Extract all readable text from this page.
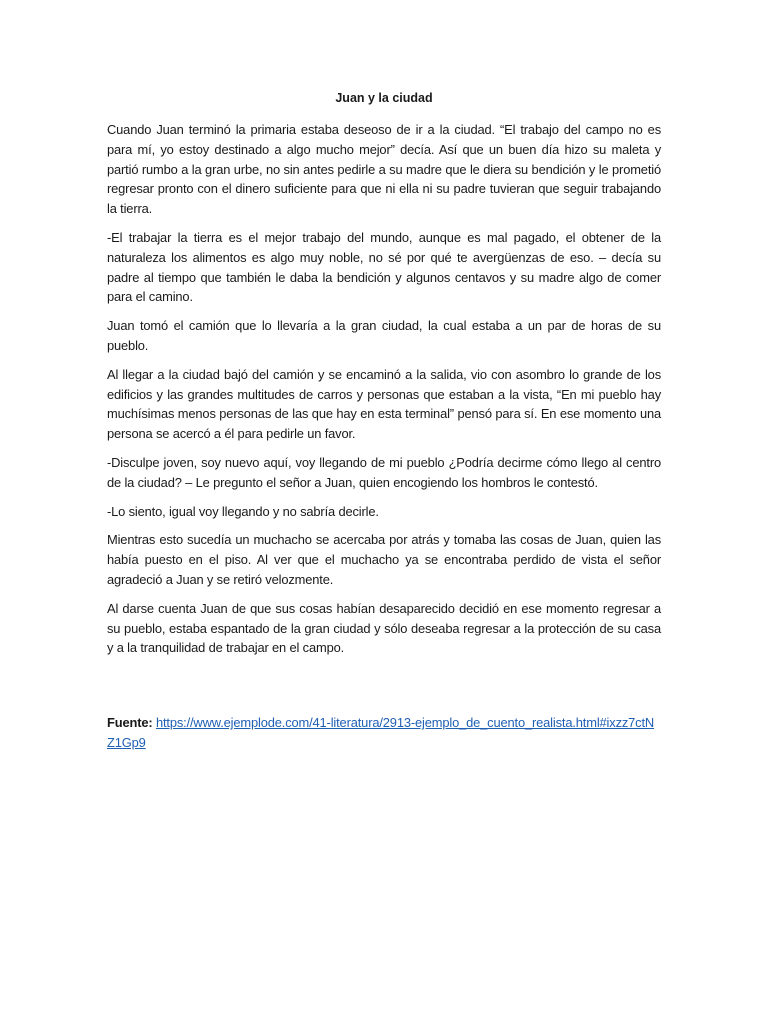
Juan y la ciudad

Cuando Juan terminó la primaria estaba deseoso de ir a la ciudad. “El trabajo del campo no es para mí, yo estoy destinado a algo mucho mejor” decía. Así que un buen día hizo su maleta y partió rumbo a la gran urbe, no sin antes pedirle a su madre que le diera su bendición y le prometió regresar pronto con el dinero suficiente para que ni ella ni su padre tuvieran que seguir trabajando la tierra.

-El trabajar la tierra es el mejor trabajo del mundo, aunque es mal pagado, el obtener de la naturaleza los alimentos es algo muy noble, no sé por qué te avergüenzas de eso. – decía su padre al tiempo que también le daba la bendición y algunos centavos y su madre algo de comer para el camino.

Juan tomó el camión que lo llevaría a la gran ciudad, la cual estaba a un par de horas de su pueblo.

Al llegar a la ciudad bajó del camión y se encaminó a la salida, vio con asombro lo grande de los edificios y las grandes multitudes de carros y personas que estaban a la vista, “En mi pueblo hay muchísimas menos personas de las que hay en esta terminal” pensó para sí. En ese momento una persona se acercó a él para pedirle un favor.

-Disculpe joven, soy nuevo aquí, voy llegando de mi pueblo ¿Podría decirme cómo llego al centro de la ciudad? – Le pregunto el señor a Juan, quien encogiendo los hombros le contestó.

-Lo siento, igual voy llegando y no sabría decirle.

Mientras esto sucedía un muchacho se acercaba por atrás y tomaba las cosas de Juan, quien las había puesto en el piso. Al ver que el muchacho ya se encontraba perdido de vista el señor agradeció a Juan y se retiró velozmente.

Al darse cuenta Juan de que sus cosas habían desaparecido decidió en ese momento regresar a su pueblo, estaba espantado de la gran ciudad y sólo deseaba regresar a la protección de su casa y a la tranquilidad de trabajar en el campo.

Fuente: https://www.ejemplode.com/41-literatura/2913-ejemplo_de_cuento_realista.html#ixzz7ctNZ1Gp9
